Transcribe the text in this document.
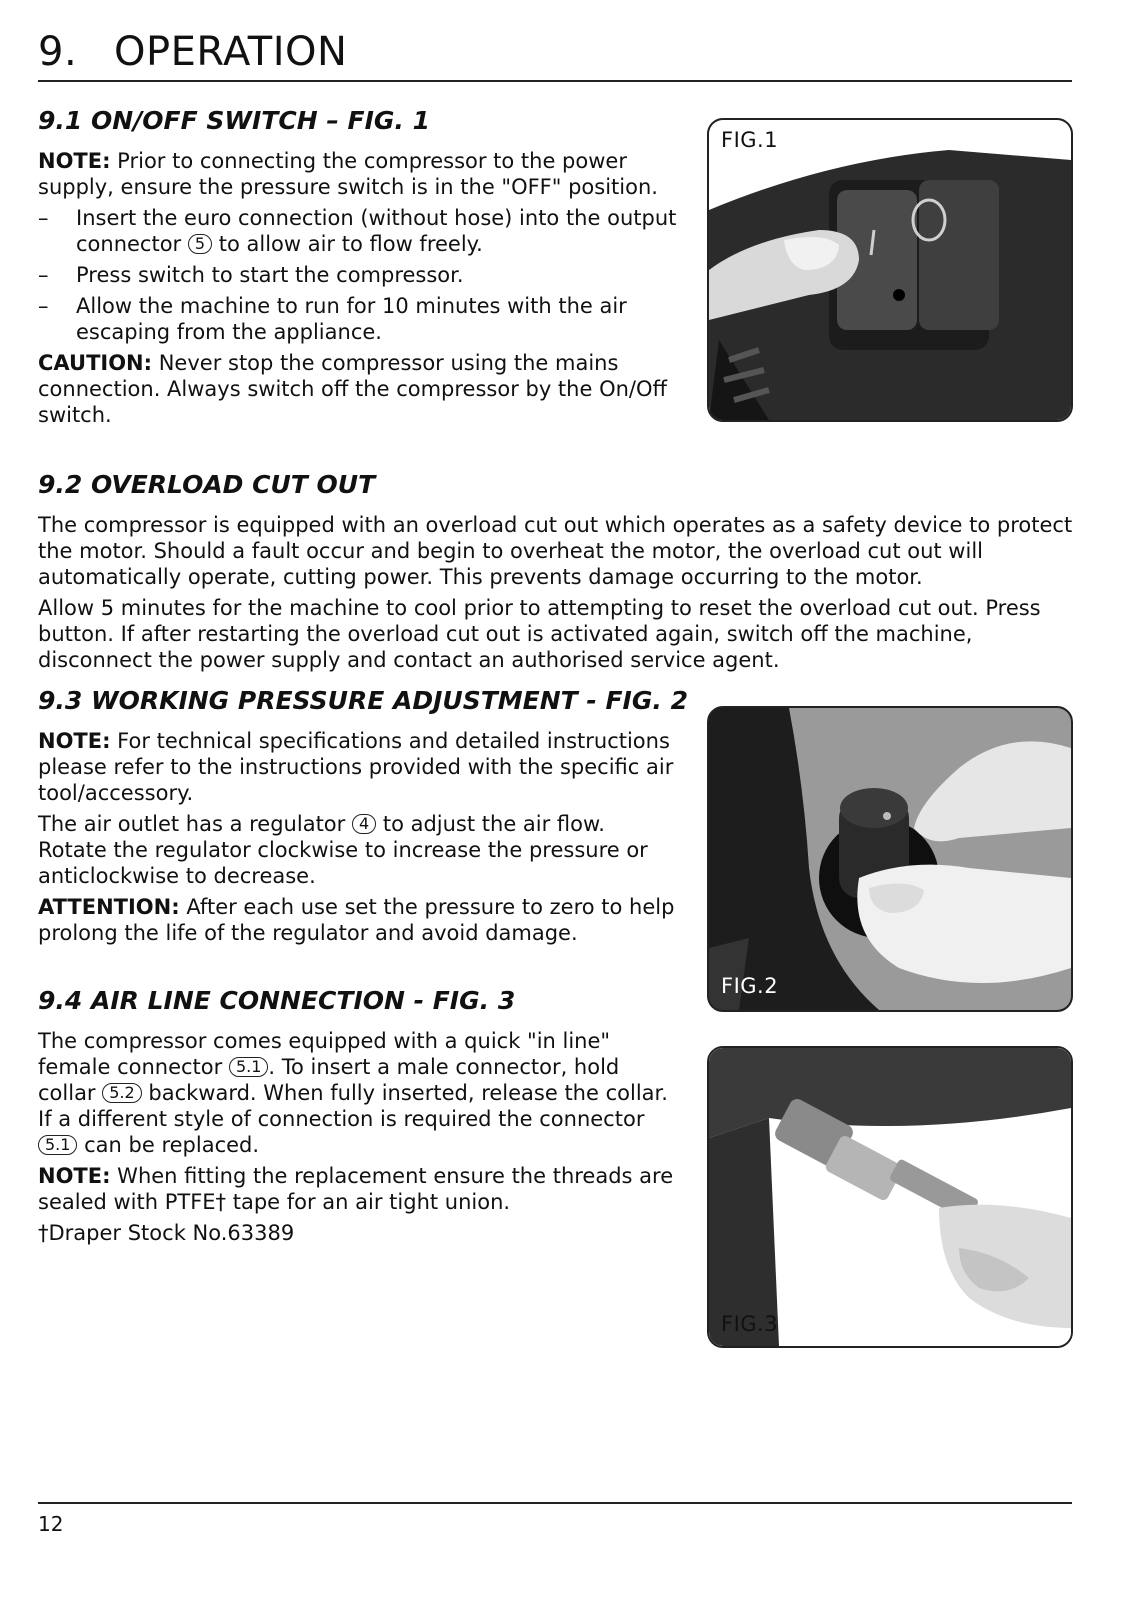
9. OPERATION
9.1 ON/OFF SWITCH – FIG. 1

NOTE: Prior to connecting the compressor to the power supply, ensure the pressure switch is in the "OFF" position.

–	Insert the euro connection (without hose) into the output connector 5 to allow air to flow freely.
–	Press switch to start the compressor.
–	Allow the machine to run for 10 minutes with the air escaping from the appliance.

CAUTION: Never stop the compressor using the mains connection. Always switch off the compressor by the On/Off switch.

FIG.1
9.2 OVERLOAD CUT OUT

The compressor is equipped with an overload cut out which operates as a safety device to protect the motor. Should a fault occur and begin to overheat the motor, the overload cut out will automatically operate, cutting power. This prevents damage occurring to the motor.

Allow 5 minutes for the machine to cool prior to attempting to reset the overload cut out. Press button. If after restarting the overload cut out is activated again, switch off the machine, disconnect the power supply and contact an authorised service agent.

9.3 WORKING PRESSURE ADJUSTMENT - FIG. 2

NOTE: For technical specifications and detailed instructions please refer to the instructions provided with the specific air tool/accessory.

The air outlet has a regulator 4 to adjust the air flow. Rotate the regulator clockwise to increase the pressure or anticlockwise to decrease.

ATTENTION: After each use set the pressure to zero to help prolong the life of the regulator and avoid damage.

FIG.2
9.4 AIR LINE CONNECTION - FIG. 3

The compressor comes equipped with a quick "in line" female connector 5.1 . To insert a male connector, hold collar 5.2 backward. When fully inserted, release the collar. If a different style of connection is required the connector 5.1 can be replaced.

NOTE: When fitting the replacement ensure the threads are sealed with PTFE† tape for an air tight union.

†Draper Stock No.63389

FIG.3
12
